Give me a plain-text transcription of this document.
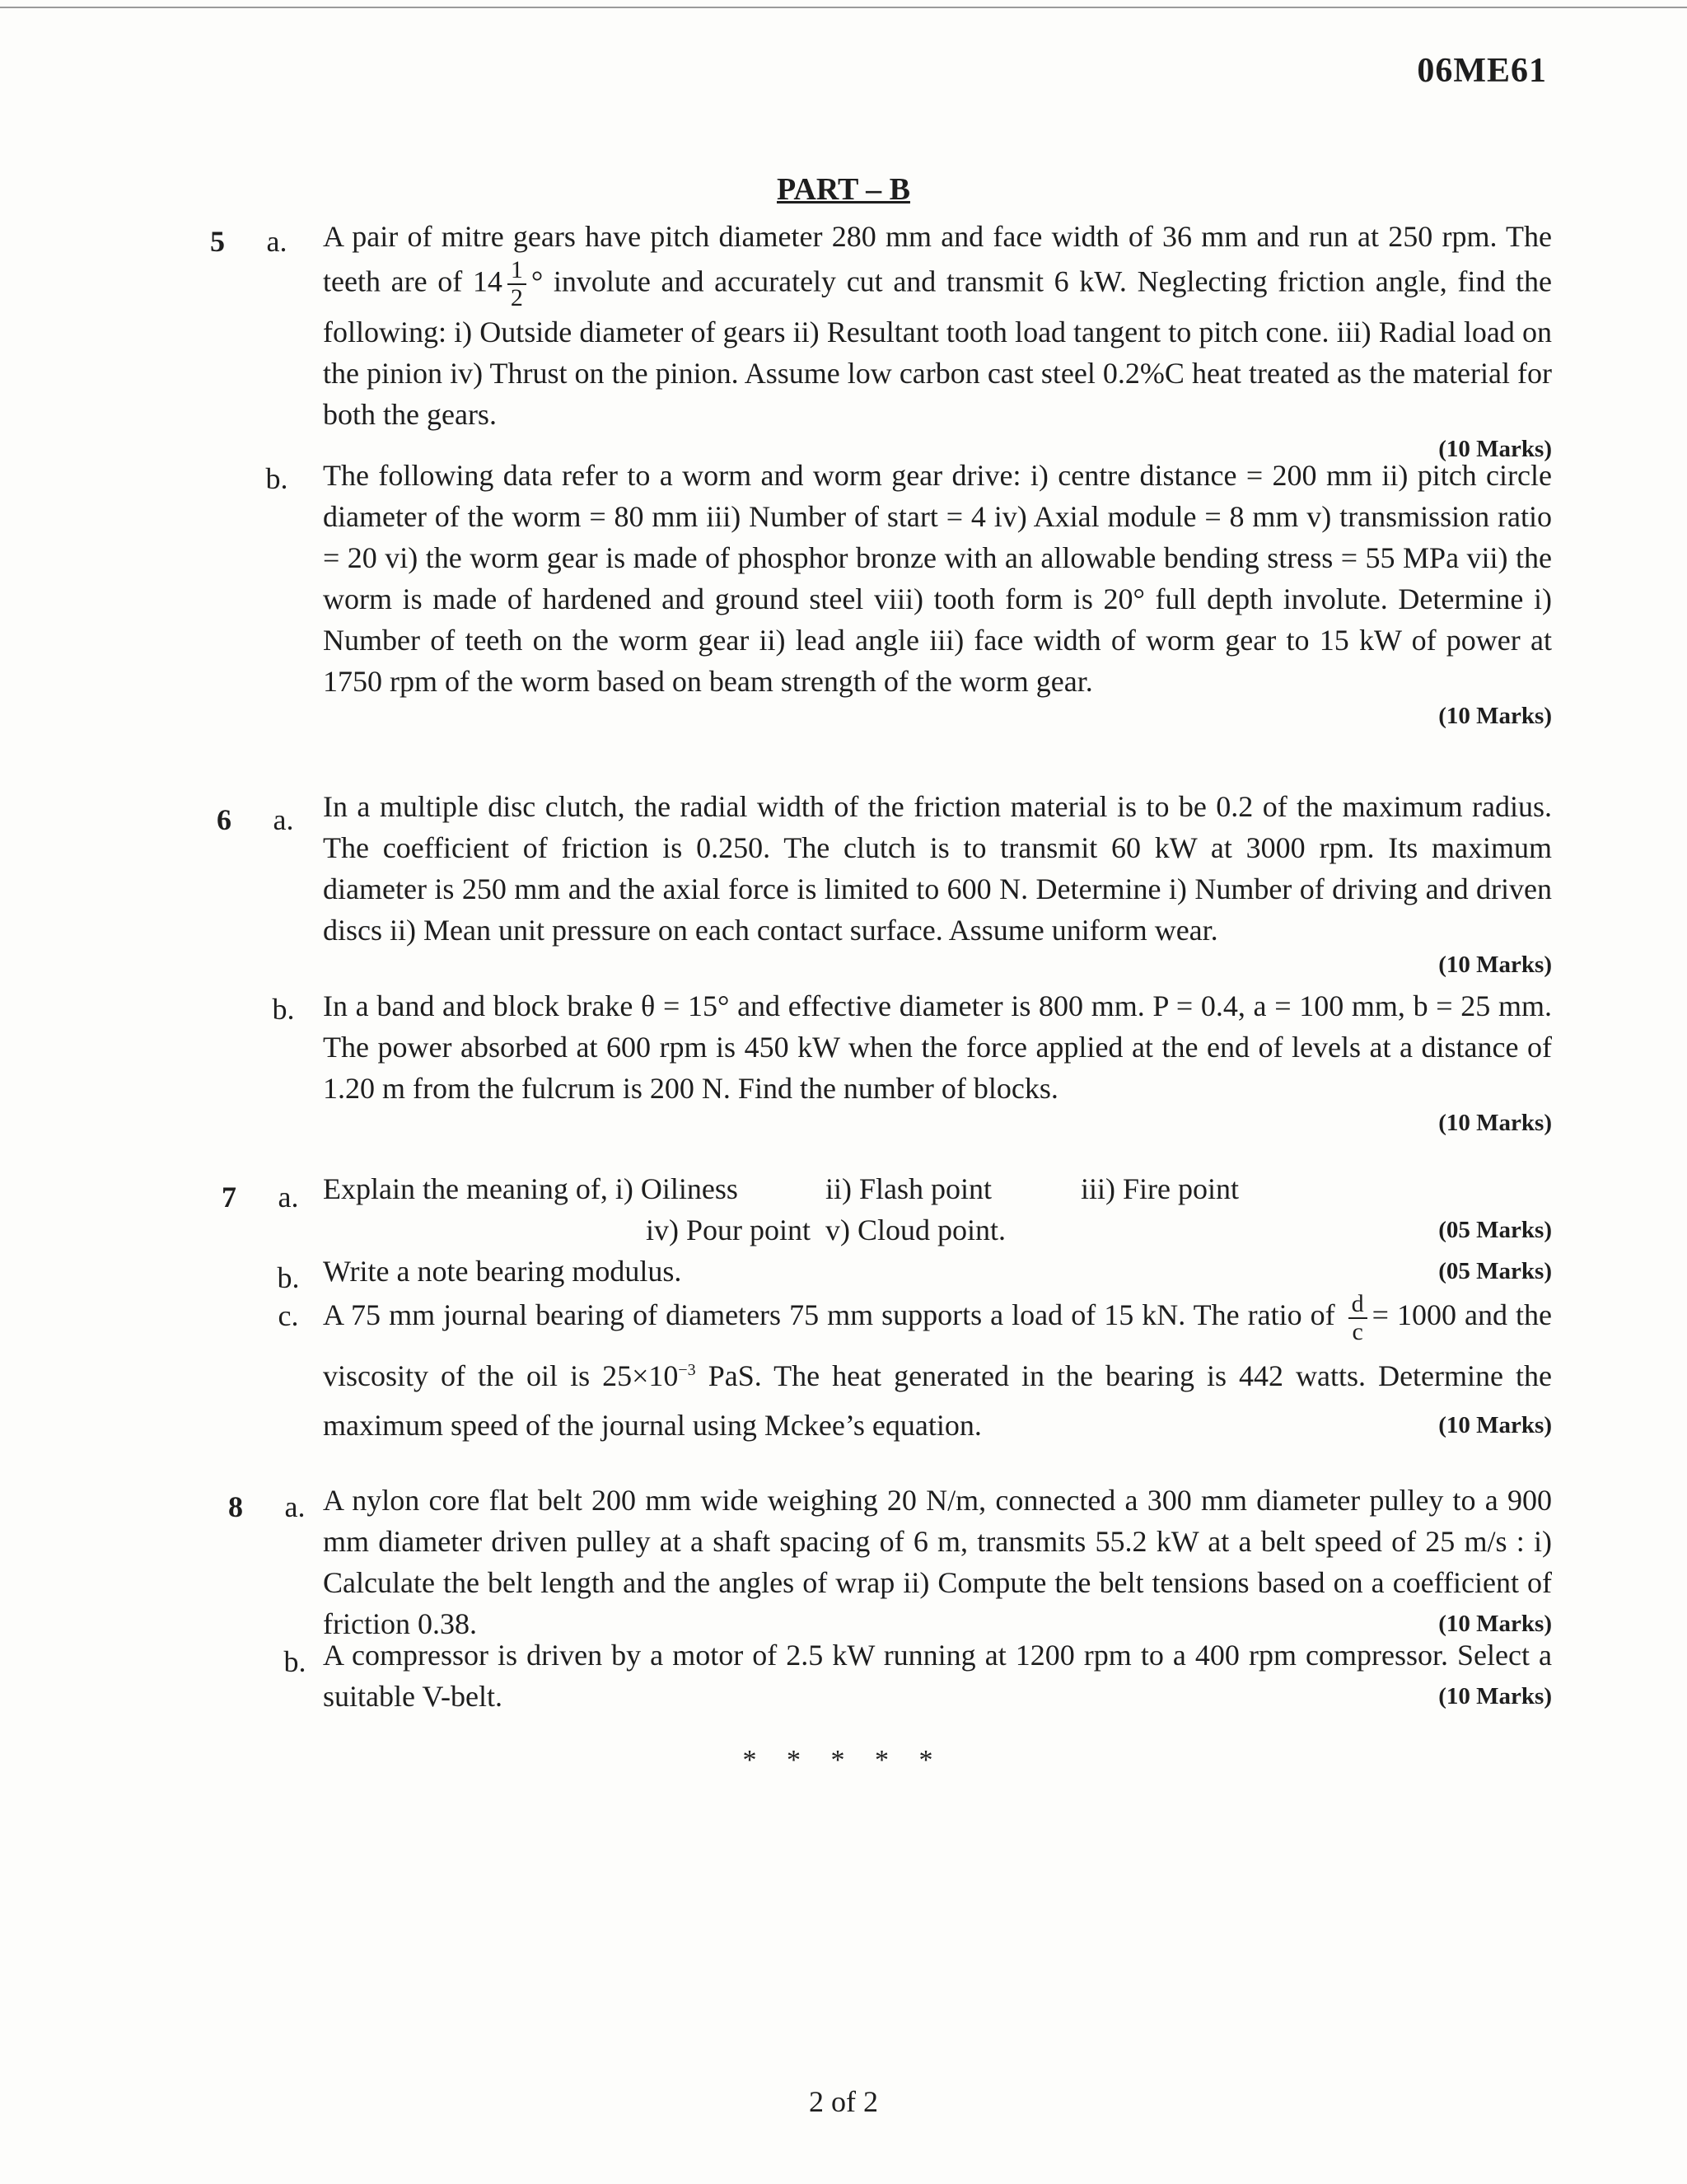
06ME61
PART – B
5	a. A pair of mitre gears have pitch diameter 280 mm and face width of 36 mm and run at 250 rpm. The teeth are of $14 \frac{1}{2}$ ° involute and accurately cut and transmit 6 kW. Neglecting friction angle, find the following: i) Outside diameter of gears ii) Resultant tooth load tangent to pitch cone. iii) Radial load on the pinion iv) Thrust on the pinion. Assume low carbon cast steel 0.2%C heat treated as the material for both the gears.
(10 Marks)
b. The following data refer to a worm and worm gear drive: i) centre distance = 200 mm ii) pitch circle diameter of the worm = 80 mm iii) Number of start = 4 iv) Axial module = 8 mm v) transmission ratio = 20 vi) the worm gear is made of phosphor bronze with an allowable bending stress = 55 MPa vii) the worm is made of hardened and ground steel viii) tooth form is 20° full depth involute. Determine i) Number of teeth on the worm gear ii) lead angle iii) face width of worm gear to 15 kW of power at 1750 rpm of the worm based on beam strength of the worm gear.
(10 Marks)
6	a. In a multiple disc clutch, the radial width of the friction material is to be 0.2 of the maximum radius. The coefficient of friction is 0.250. The clutch is to transmit 60 kW at 3000 rpm. Its maximum diameter is 250 mm and the axial force is limited to 600 N. Determine i) Number of driving and driven discs ii) Mean unit pressure on each contact surface. Assume uniform wear.
(10 Marks)
b. In a band and block brake θ = 15° and effective diameter is 800 mm. P = 0.4, a = 100 mm, b = 25 mm. The power absorbed at 600 rpm is 450 kW when the force applied at the end of levels at a distance of 1.20 m from the fulcrum is 200 N. Find the number of blocks.
(10 Marks)
7	a. Explain the meaning of, i) Oiliness	ii) Flash point	iii) Fire point
iv) Pour point v) Cloud point.	(05 Marks)
b. Write a note bearing modulus.	(05 Marks)
c. A 75 mm journal bearing of diameters 75 mm supports a load of 15 kN. The ratio of $\frac{d}{c} = 1000$ and the viscosity of the oil is $25\times 10^{-3}$ PaS. The heat generated in the bearing is 442 watts. Determine the maximum speed of the journal using Mckee’s equation.	(10 Marks)
8	a. A nylon core flat belt 200 mm wide weighing 20 N/m, connected a 300 mm diameter pulley to a 900 mm diameter driven pulley at a shaft spacing of 6 m, transmits 55.2 kW at a belt speed of 25 m/s : i) Calculate the belt length and the angles of wrap ii) Compute the belt tensions based on a coefficient of friction 0.38.	(10 Marks)
b. A compressor is driven by a motor of 2.5 kW running at 1200 rpm to a 400 rpm compressor. Select a suitable V-belt.	(10 Marks)
* * * * *
2 of 2
